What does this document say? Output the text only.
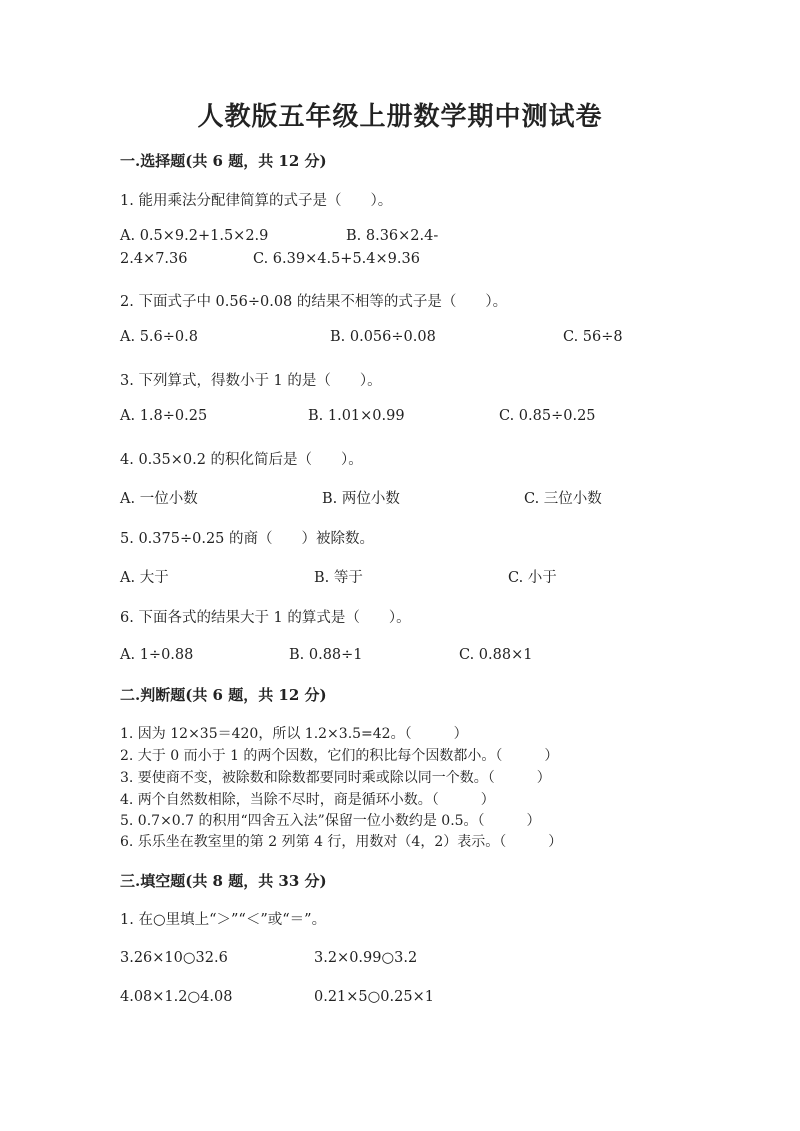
人教版五年级上册数学期中测试卷
一.选择题(共 6 题，共 12 分)
1. 能用乘法分配律简算的式子是（　　）。
A. 0.5×9.2+1.5×2.9	B. 8.36×2.4-
2.4×7.36	C. 6.39×4.5+5.4×9.36
2. 下面式子中 0.56÷0.08 的结果不相等的式子是（　　）。
A. 5.6÷0.8	B. 0.056÷0.08	C. 56÷8
3. 下列算式，得数小于 1 的是（　　）。
A. 1.8÷0.25	B. 1.01×0.99	C. 0.85÷0.25
4. 0.35×0.2 的积化简后是（　　）。
A. 一位小数	B. 两位小数	C. 三位小数
5. 0.375÷0.25 的商（　　）被除数。
A. 大于	B. 等于	C. 小于
6. 下面各式的结果大于 1 的算式是（　　）。
A. 1÷0.88	B. 0.88÷1	C. 0.88×1
二.判断题(共 6 题，共 12 分)
1. 因为 12×35＝420，所以 1.2×3.5=42。（　　　）
2. 大于 0 而小于 1 的两个因数，它们的积比每个因数都小。（　　　）
3. 要使商不变，被除数和除数都要同时乘或除以同一个数。（　　　）
4. 两个自然数相除，当除不尽时，商是循环小数。（　　　）
5. 0.7×0.7 的积用“四舍五入法”保留一位小数约是 0.5。（　　　）
6. 乐乐坐在教室里的第 2 列第 4 行，用数对（4，2）表示。（　　　）
三.填空题(共 8 题，共 33 分)
1. 在○里填上“＞”“＜”或“＝”。
3.26×10○32.6	3.2×0.99○3.2
4.08×1.2○4.08	0.21×5○0.25×1
